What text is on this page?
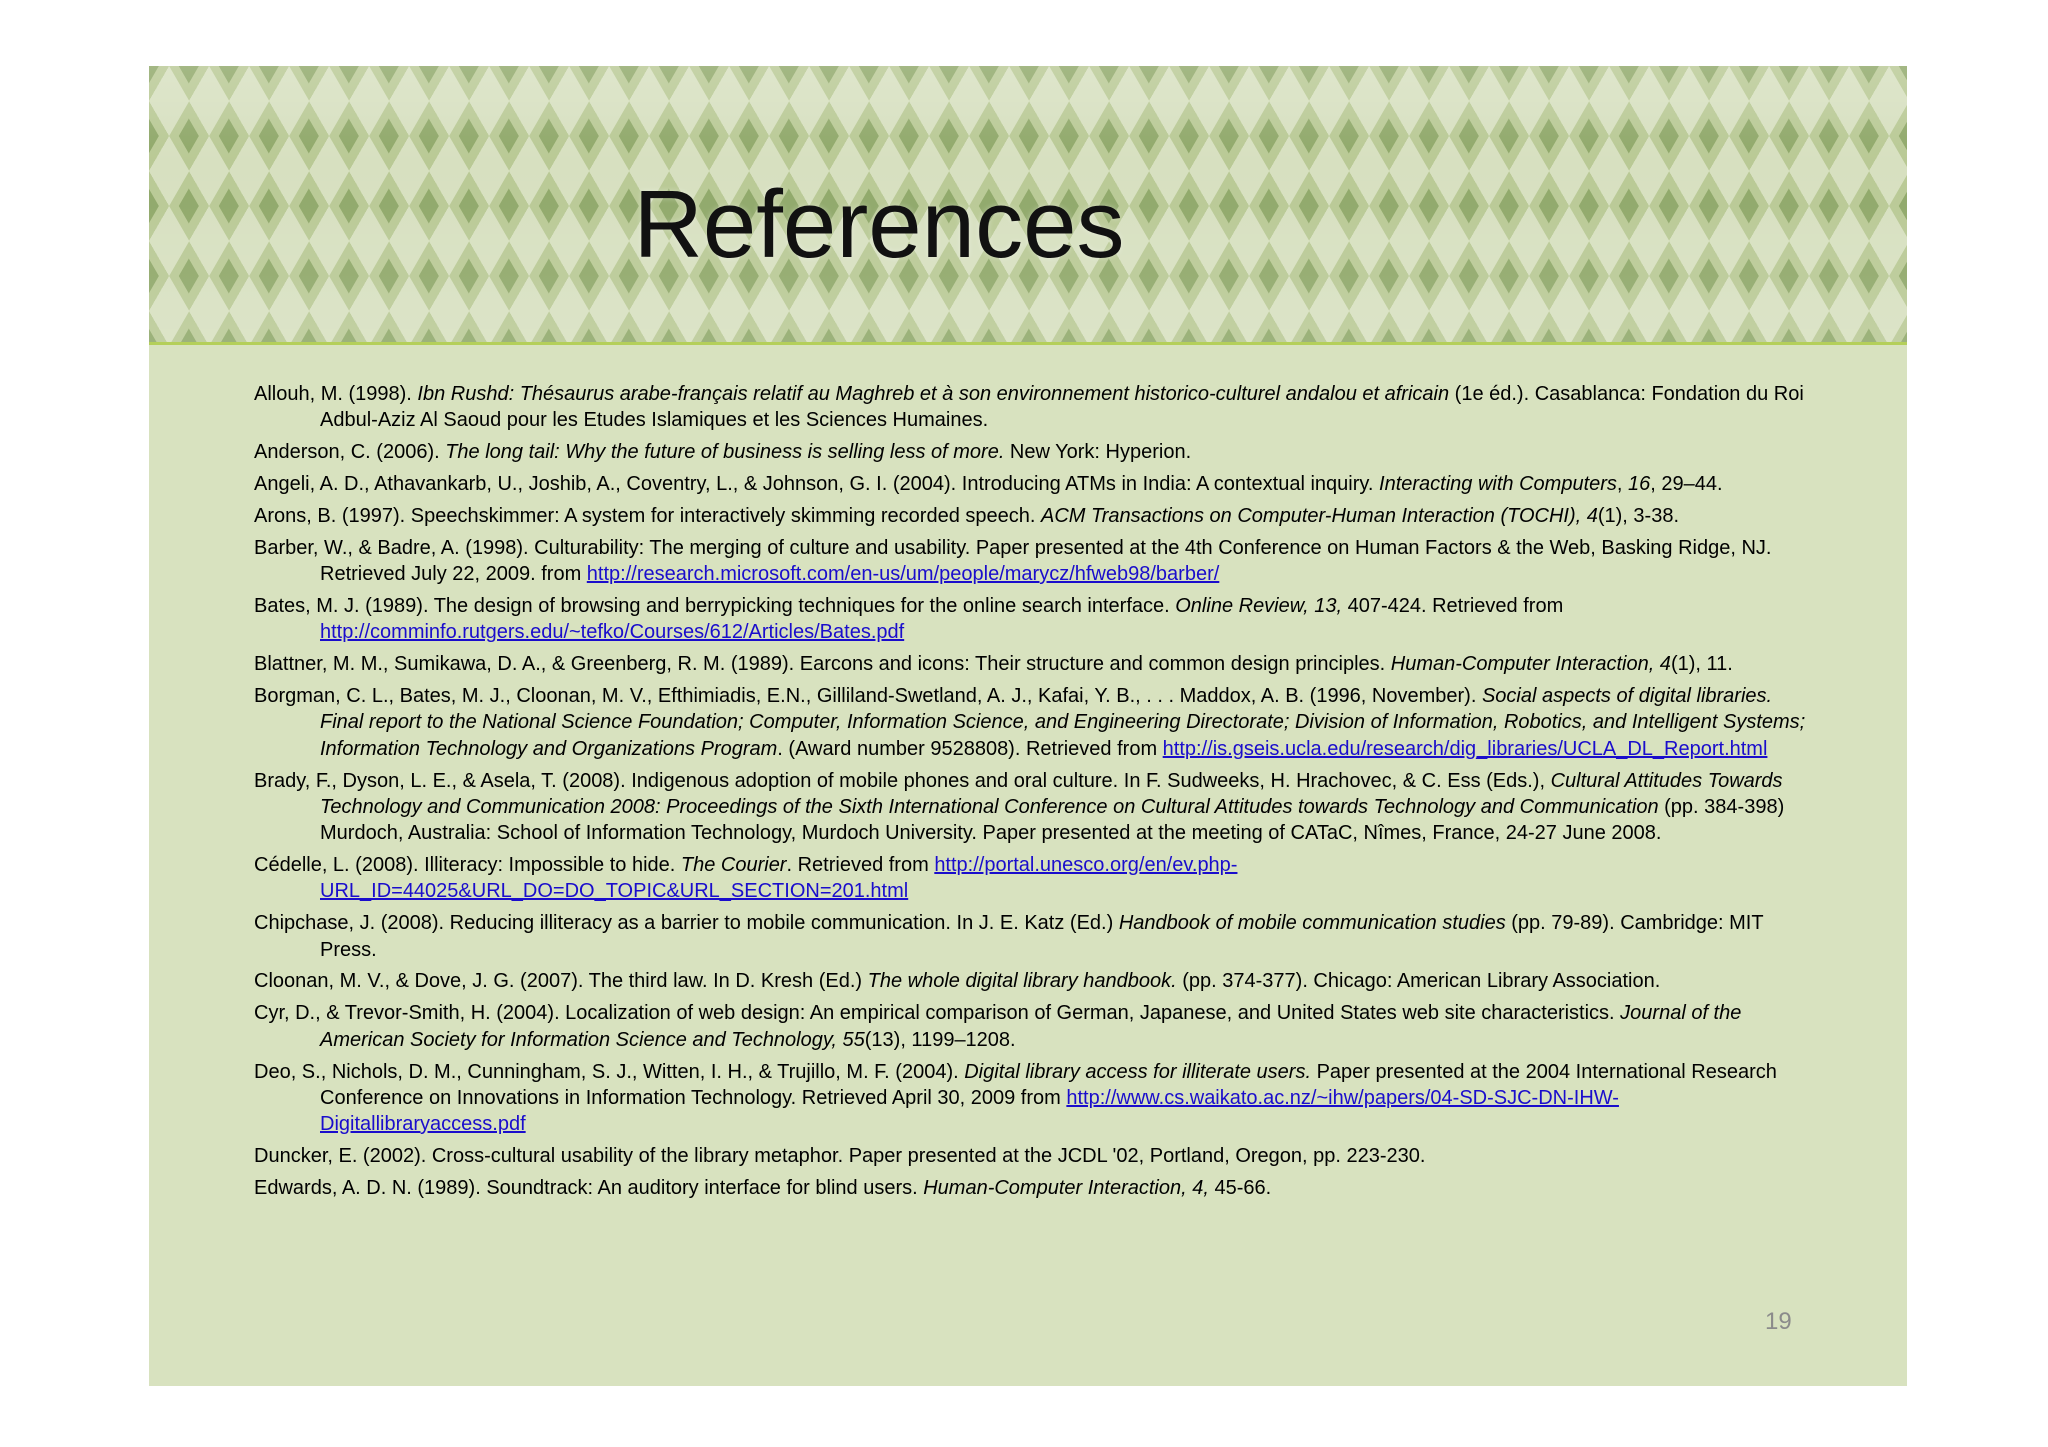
References

Allouh, M. (1998). Ibn Rushd: Thésaurus arabe-français relatif au Maghreb et à son environnement historico-culturel andalou et africain (1e éd.). Casablanca: Fondation du Roi Adbul-Aziz Al Saoud pour les Etudes Islamiques et les Sciences Humaines.

Anderson, C. (2006). The long tail: Why the future of business is selling less of more. New York: Hyperion.

Angeli, A. D., Athavankarb, U., Joshib, A., Coventry, L., & Johnson, G. I. (2004). Introducing ATMs in India: A contextual inquiry. Interacting with Computers, 16, 29–44.

Arons, B. (1997). Speechskimmer: A system for interactively skimming recorded speech. ACM Transactions on Computer-Human Interaction (TOCHI), 4(1), 3-38.

Barber, W., & Badre, A. (1998). Culturability: The merging of culture and usability. Paper presented at the 4th Conference on Human Factors & the Web, Basking Ridge, NJ. Retrieved July 22, 2009. from http://research.microsoft.com/en-us/um/people/marycz/hfweb98/barber/

Bates, M. J. (1989). The design of browsing and berrypicking techniques for the online search interface. Online Review, 13, 407-424. Retrieved from http://comminfo.rutgers.edu/~tefko/Courses/612/Articles/Bates.pdf

Blattner, M. M., Sumikawa, D. A., & Greenberg, R. M. (1989). Earcons and icons: Their structure and common design principles. Human-Computer Interaction, 4(1), 11.

Borgman, C. L., Bates, M. J., Cloonan, M. V., Efthimiadis, E.N., Gilliland-Swetland, A. J., Kafai, Y. B., . . . Maddox, A. B. (1996, November). Social aspects of digital libraries. Final report to the National Science Foundation; Computer, Information Science, and Engineering Directorate; Division of Information, Robotics, and Intelligent Systems; Information Technology and Organizations Program. (Award number 9528808). Retrieved from http://is.gseis.ucla.edu/research/dig_libraries/UCLA_DL_Report.html

Brady, F., Dyson, L. E., & Asela, T. (2008). Indigenous adoption of mobile phones and oral culture. In F. Sudweeks, H. Hrachovec, & C. Ess (Eds.), Cultural Attitudes Towards Technology and Communication 2008: Proceedings of the Sixth International Conference on Cultural Attitudes towards Technology and Communication (pp. 384-398) Murdoch, Australia: School of Information Technology, Murdoch University. Paper presented at the meeting of CATaC, Nîmes, France, 24-27 June 2008.

Cédelle, L. (2008). Illiteracy: Impossible to hide. The Courier. Retrieved from http://portal.unesco.org/en/ev.php-URL_ID=44025&URL_DO=DO_TOPIC&URL_SECTION=201.html

Chipchase, J. (2008). Reducing illiteracy as a barrier to mobile communication. In J. E. Katz (Ed.) Handbook of mobile communication studies (pp. 79-89). Cambridge: MIT Press.

Cloonan, M. V., & Dove, J. G. (2007). The third law. In D. Kresh (Ed.) The whole digital library handbook. (pp. 374-377). Chicago: American Library Association.

Cyr, D., & Trevor-Smith, H. (2004). Localization of web design: An empirical comparison of German, Japanese, and United States web site characteristics. Journal of the American Society for Information Science and Technology, 55(13), 1199–1208.

Deo, S., Nichols, D. M., Cunningham, S. J., Witten, I. H., & Trujillo, M. F. (2004). Digital library access for illiterate users. Paper presented at the 2004 International Research Conference on Innovations in Information Technology. Retrieved April 30, 2009 from http://www.cs.waikato.ac.nz/~ihw/papers/04-SD-SJC-DN-IHW-Digitallibraryaccess.pdf

Duncker, E. (2002). Cross-cultural usability of the library metaphor. Paper presented at the JCDL '02, Portland, Oregon, pp. 223-230.

Edwards, A. D. N. (1989). Soundtrack: An auditory interface for blind users. Human-Computer Interaction, 4, 45-66.

19
